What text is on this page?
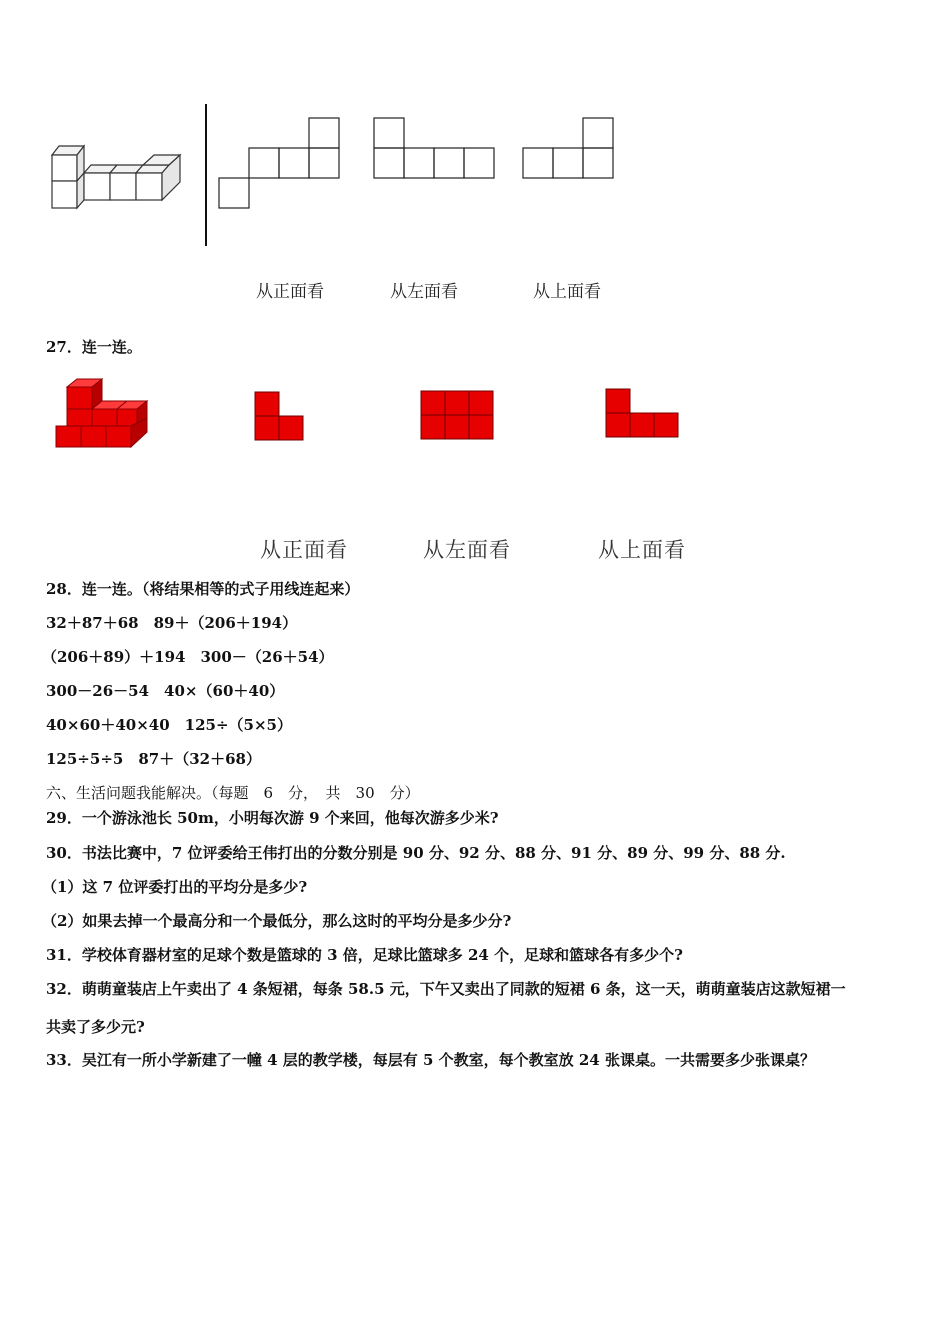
从正面看	从左面看	从上面看
27．连一连。
从正面看	从左面看	从上面看
28．连一连。（将结果相等的式子用线连起来）
32＋87＋68　89＋（206＋194）
（206＋89）＋194　300－（26＋54）
300－26－54　40×（60＋40）
40×60＋40×40　125÷（5×5）
125÷5÷5　87＋（32＋68）
六、生活问题我能解决。（每题　6　分，　共　30　分）
29．一个游泳池长 50m，小明每次游 9 个来回，他每次游多少米?
30．书法比赛中，7 位评委给王伟打出的分数分别是 90 分、92 分、88 分、91 分、89 分、99 分、88 分.
（1）这 7 位评委打出的平均分是多少?
（2）如果去掉一个最高分和一个最低分，那么这时的平均分是多少分?
31．学校体育器材室的足球个数是篮球的 3 倍，足球比篮球多 24 个，足球和篮球各有多少个?
32．萌萌童装店上午卖出了 4 条短裙，每条 58.5 元，下午又卖出了同款的短裙 6 条，这一天，萌萌童装店这款短裙一
共卖了多少元?
33．吴江有一所小学新建了一幢 4 层的教学楼，每层有 5 个教室，每个教室放 24 张课桌。一共需要多少张课桌？
